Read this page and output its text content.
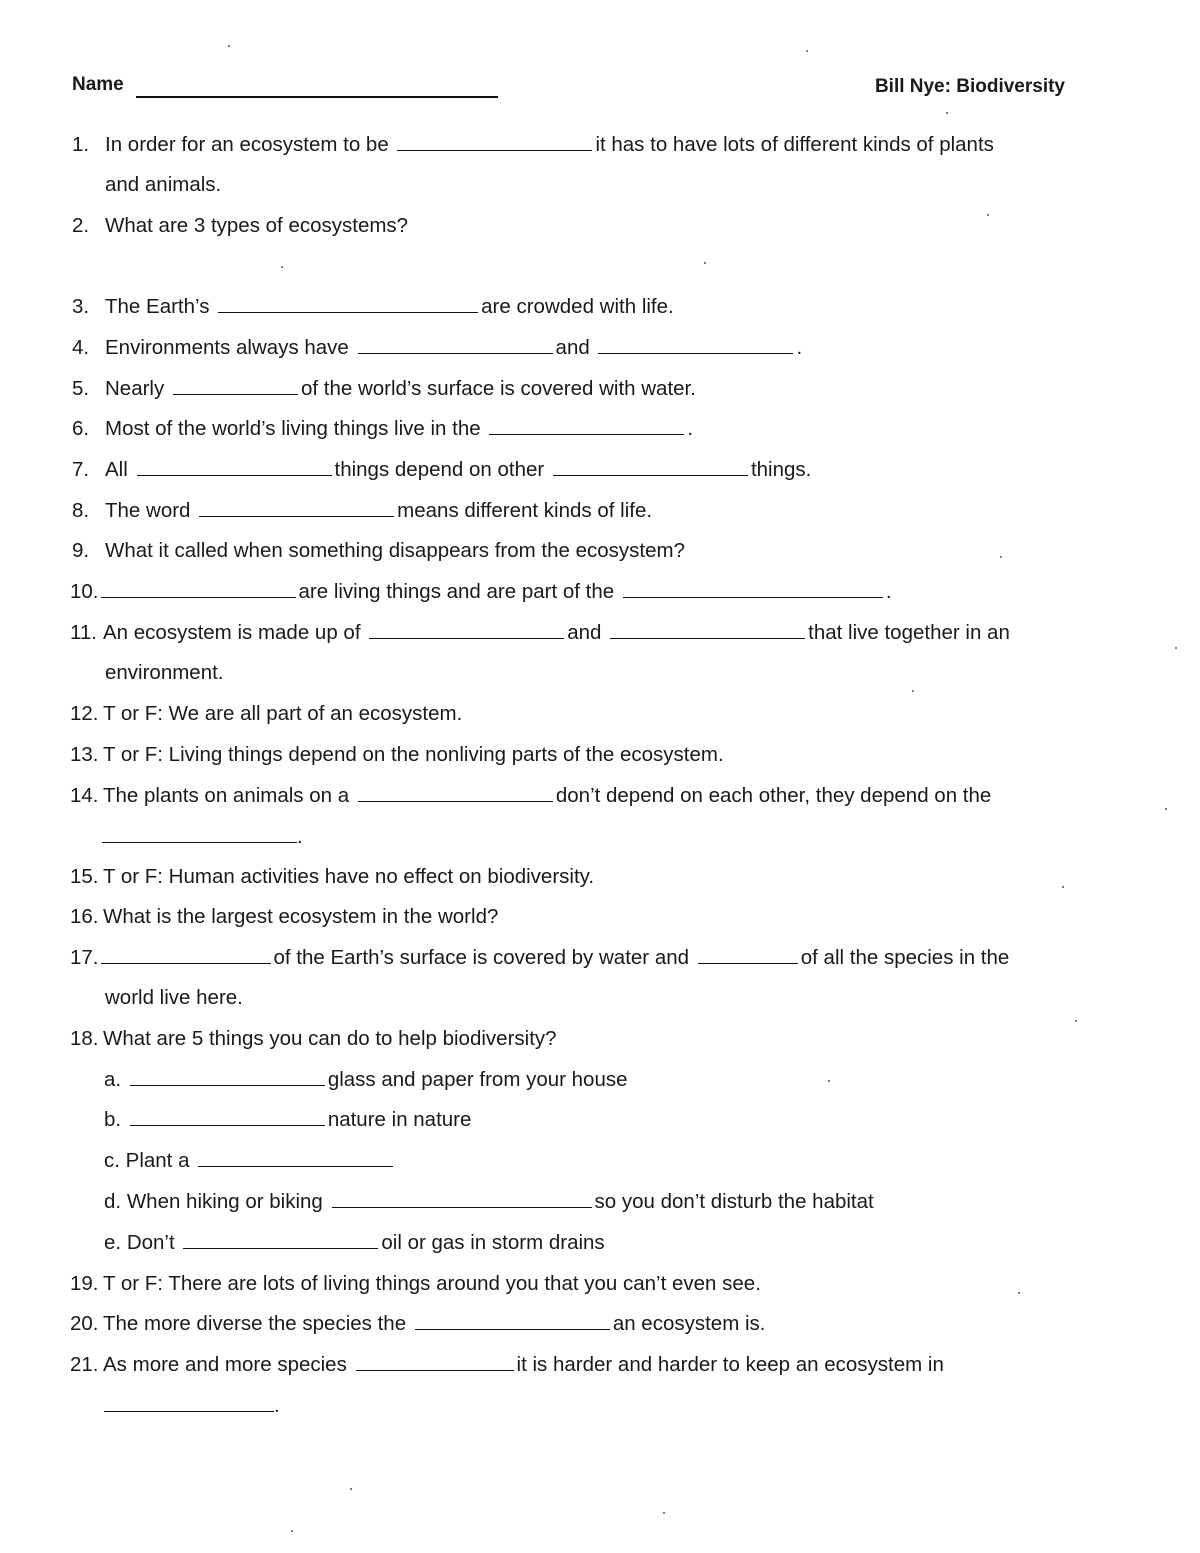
Name	Bill Nye: Biodiversity
1. In order for an ecosystem to be	it has to have lots of different kinds of plants
and animals.
2. What are 3 types of ecosystems?
3. The Earth’s	are crowded with life.
4. Environments always have	and	.
5. Nearly	of the world’s surface is covered with water.
6. Most of the world’s living things live in the	.
7. All	things depend on other	things.
8. The word	means different kinds of life.
9. What it called when something disappears from the ecosystem?
10.	are living things and are part of the	.
11. An ecosystem is made up of	and	that live together in an
environment.
12. T or F: We are all part of an ecosystem.
13. T or F: Living things depend on the nonliving parts of the ecosystem.
14. The plants on animals on a	don’t depend on each other, they depend on the
.
15. T or F: Human activities have no effect on biodiversity.
16. What is the largest ecosystem in the world?
17.	of the Earth’s surface is covered by water and	of all the species in the
world live here.
18. What are 5 things you can do to help biodiversity?
a.	glass and paper from your house
b.	nature in nature
c. Plant a
d. When hiking or biking	so you don’t disturb the habitat
e. Don’t	oil or gas in storm drains
19. T or F: There are lots of living things around you that you can’t even see.
20. The more diverse the species the	an ecosystem is.
21. As more and more species	it is harder and harder to keep an ecosystem in
.
